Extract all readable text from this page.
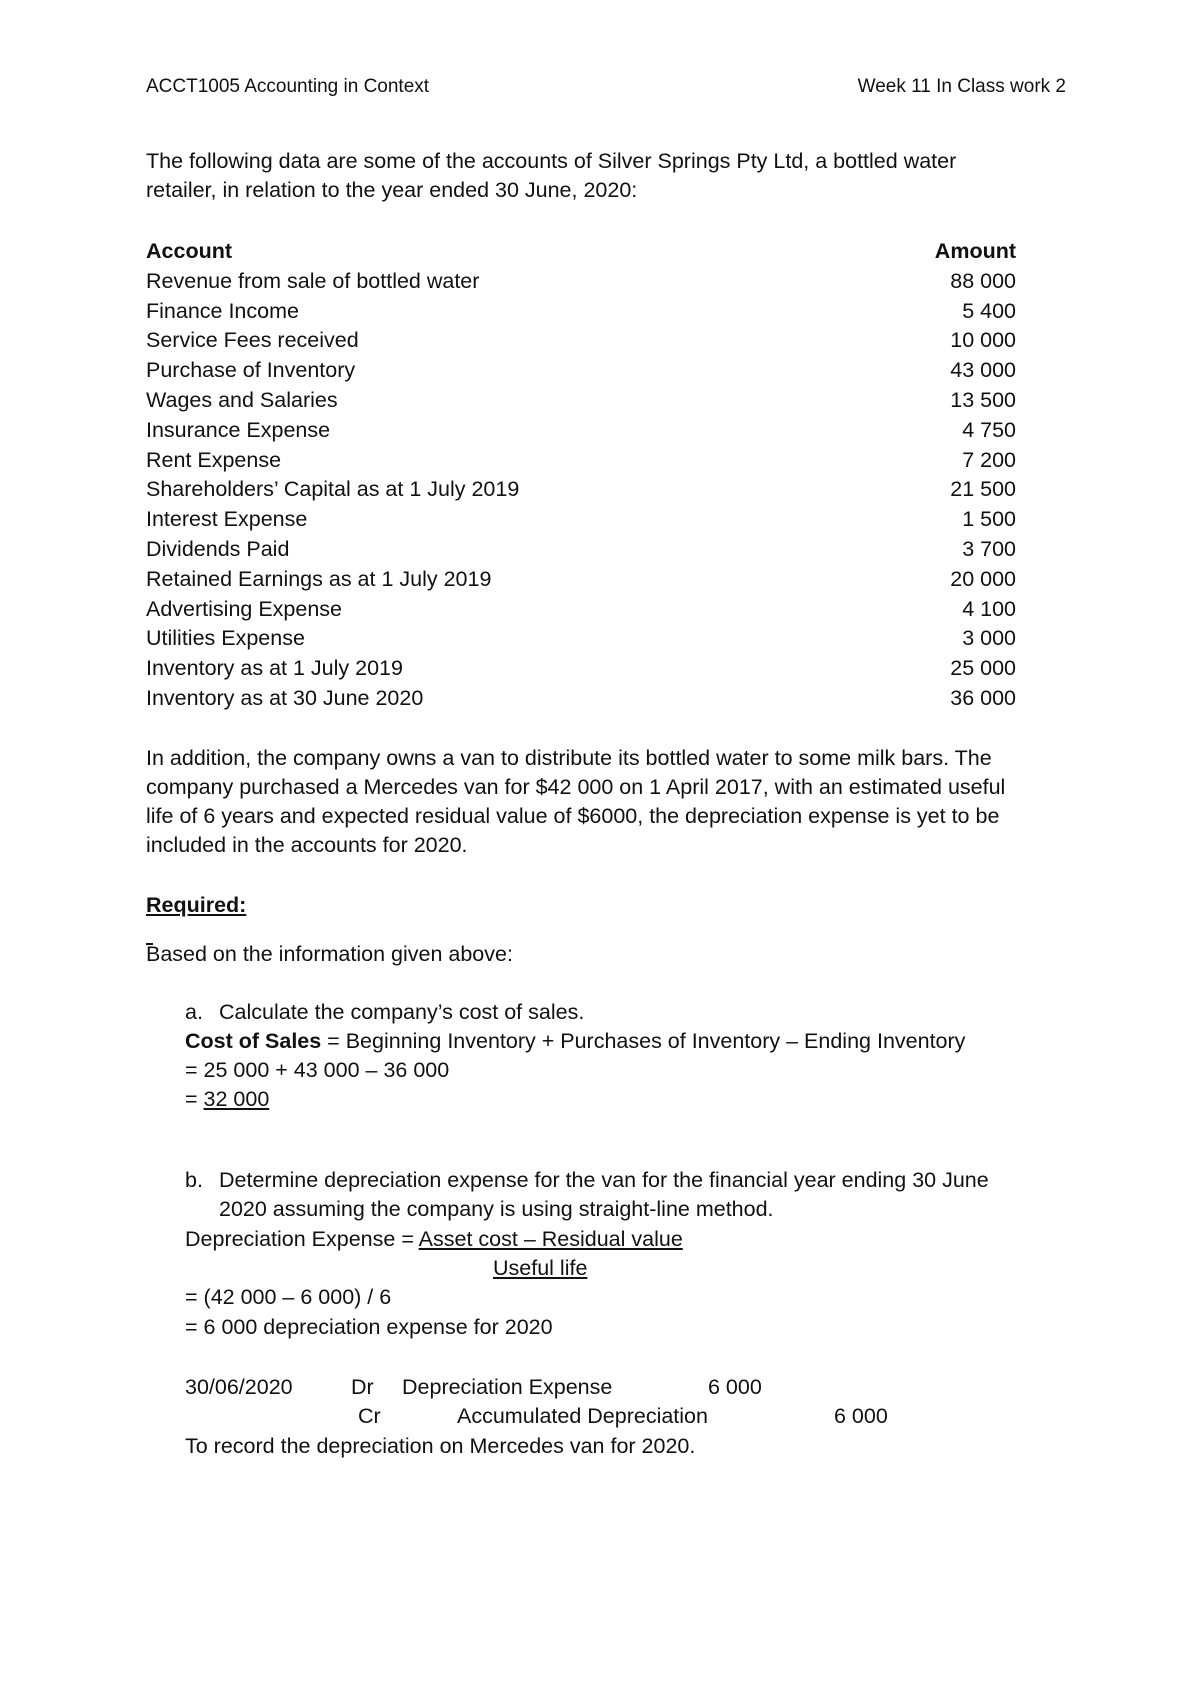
ACCT1005 Accounting in Context	Week 11 In Class work 2
The following data are some of the accounts of Silver Springs Pty Ltd, a bottled water
retailer, in relation to the year ended 30 June, 2020:
Account	Amount
Revenue from sale of bottled water	88 000
Finance Income	5 400
Service Fees received	10 000
Purchase of Inventory	43 000
Wages and Salaries	13 500
Insurance Expense	4 750
Rent Expense	7 200
Shareholders’ Capital as at 1 July 2019	21 500
Interest Expense	1 500
Dividends Paid	3 700
Retained Earnings as at 1 July 2019	20 000
Advertising Expense	4 100
Utilities Expense	3 000
Inventory as at 1 July 2019	25 000
Inventory as at 30 June 2020	36 000
In addition, the company owns a van to distribute its bottled water to some milk bars. The
company purchased a Mercedes van for $42 000 on 1 April 2017, with an estimated useful
life of 6 years and expected residual value of $6000, the depreciation expense is yet to be
included in the accounts for 2020.
Required:
Based on the information given above:
a. Calculate the company’s cost of sales.
Cost of Sales = Beginning Inventory + Purchases of Inventory – Ending Inventory
= 25 000 + 43 000 – 36 000
= 32 000
b. Determine depreciation expense for the van for the financial year ending 30 June
2020 assuming the company is using straight-line method.
Depreciation Expense = Asset cost – Residual value
Useful life
= (42 000 – 6 000) / 6
= 6 000 depreciation expense for 2020
30/06/2020	Dr Depreciation Expense	6 000
Cr	Accumulated Depreciation	6 000
To record the depreciation on Mercedes van for 2020.
